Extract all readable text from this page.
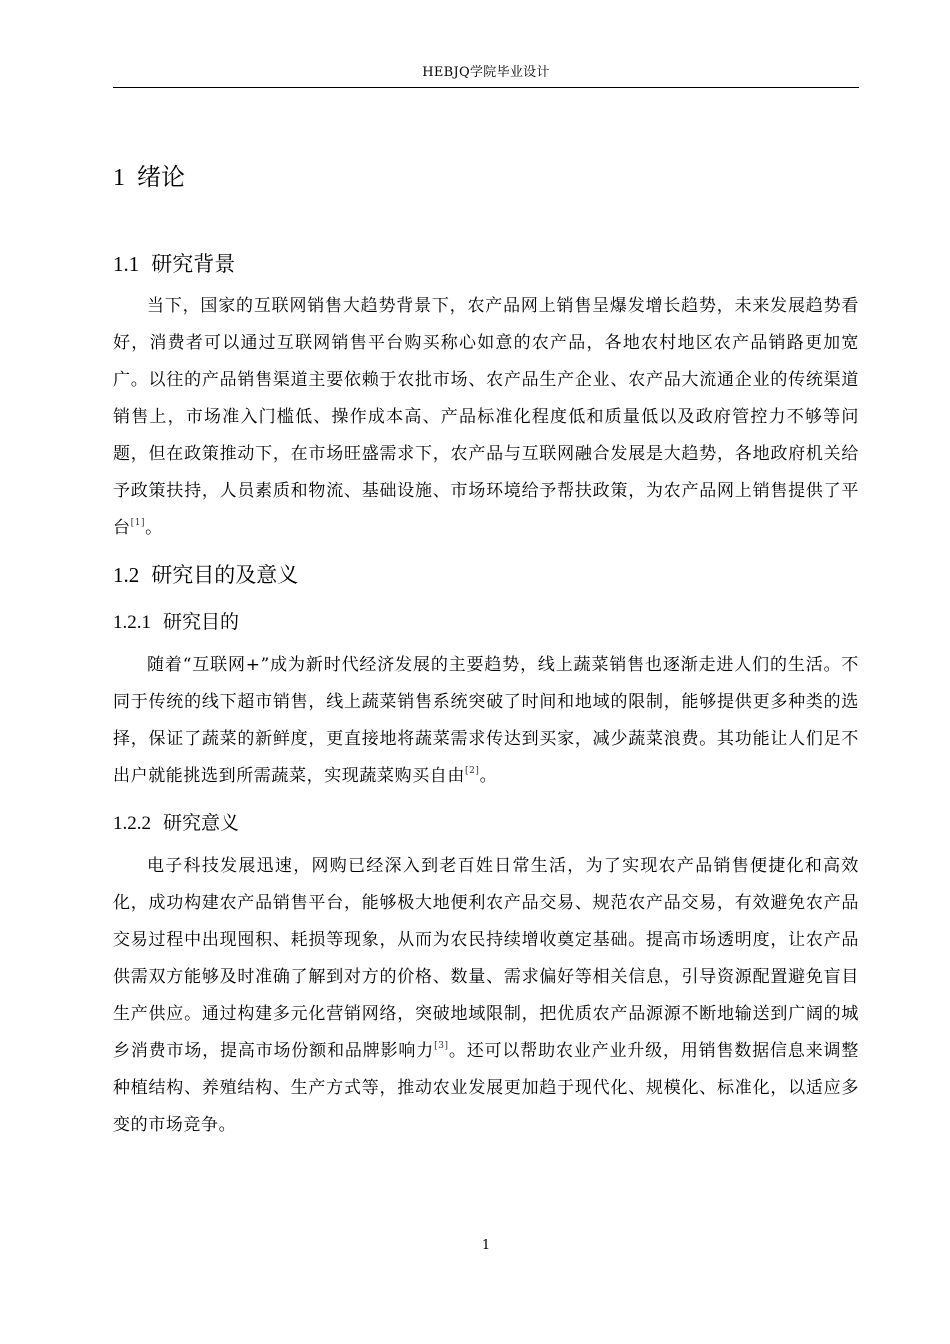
HEBJQ学院毕业设计
1 绪论
1.1 研究背景

当下，国家的互联网销售大趋势背景下，农产品网上销售呈爆发增长趋势，未来发展趋势看好，消费者可以通过互联网销售平台购买称心如意的农产品，各地农村地区农产品销路更加宽广。以往的产品销售渠道主要依赖于农批市场、农产品生产企业、农产品大流通企业的传统渠道销售上，市场准入门槛低、操作成本高、产品标准化程度低和质量低以及政府管控力不够等问题，但在政策推动下，在市场旺盛需求下，农产品与互联网融合发展是大趋势，各地政府机关给予政策扶持，人员素质和物流、基础设施、市场环境给予帮扶政策，为农产品网上销售提供了平台[1]。

1.2 研究目的及意义
1.2.1 研究目的

随着“互联网+”成为新时代经济发展的主要趋势，线上蔬菜销售也逐渐走进人们的生活。不同于传统的线下超市销售，线上蔬菜销售系统突破了时间和地域的限制，能够提供更多种类的选择，保证了蔬菜的新鲜度，更直接地将蔬菜需求传达到买家，减少蔬菜浪费。其功能让人们足不出户就能挑选到所需蔬菜，实现蔬菜购买自由[2]。

1.2.2 研究意义

电子科技发展迅速，网购已经深入到老百姓日常生活，为了实现农产品销售便捷化和高效化，成功构建农产品销售平台，能够极大地便利农产品交易、规范农产品交易，有效避免农产品交易过程中出现囤积、耗损等现象，从而为农民持续增收奠定基础。提高市场透明度，让农产品供需双方能够及时准确了解到对方的价格、数量、需求偏好等相关信息，引导资源配置避免盲目生产供应。通过构建多元化营销网络，突破地域限制，把优质农产品源源不断地输送到广阔的城乡消费市场，提高市场份额和品牌影响力[3]。还可以帮助农业产业升级，用销售数据信息来调整种植结构、养殖结构、生产方式等，推动农业发展更加趋于现代化、规模化、标准化，以适应多变的市场竞争。

1
